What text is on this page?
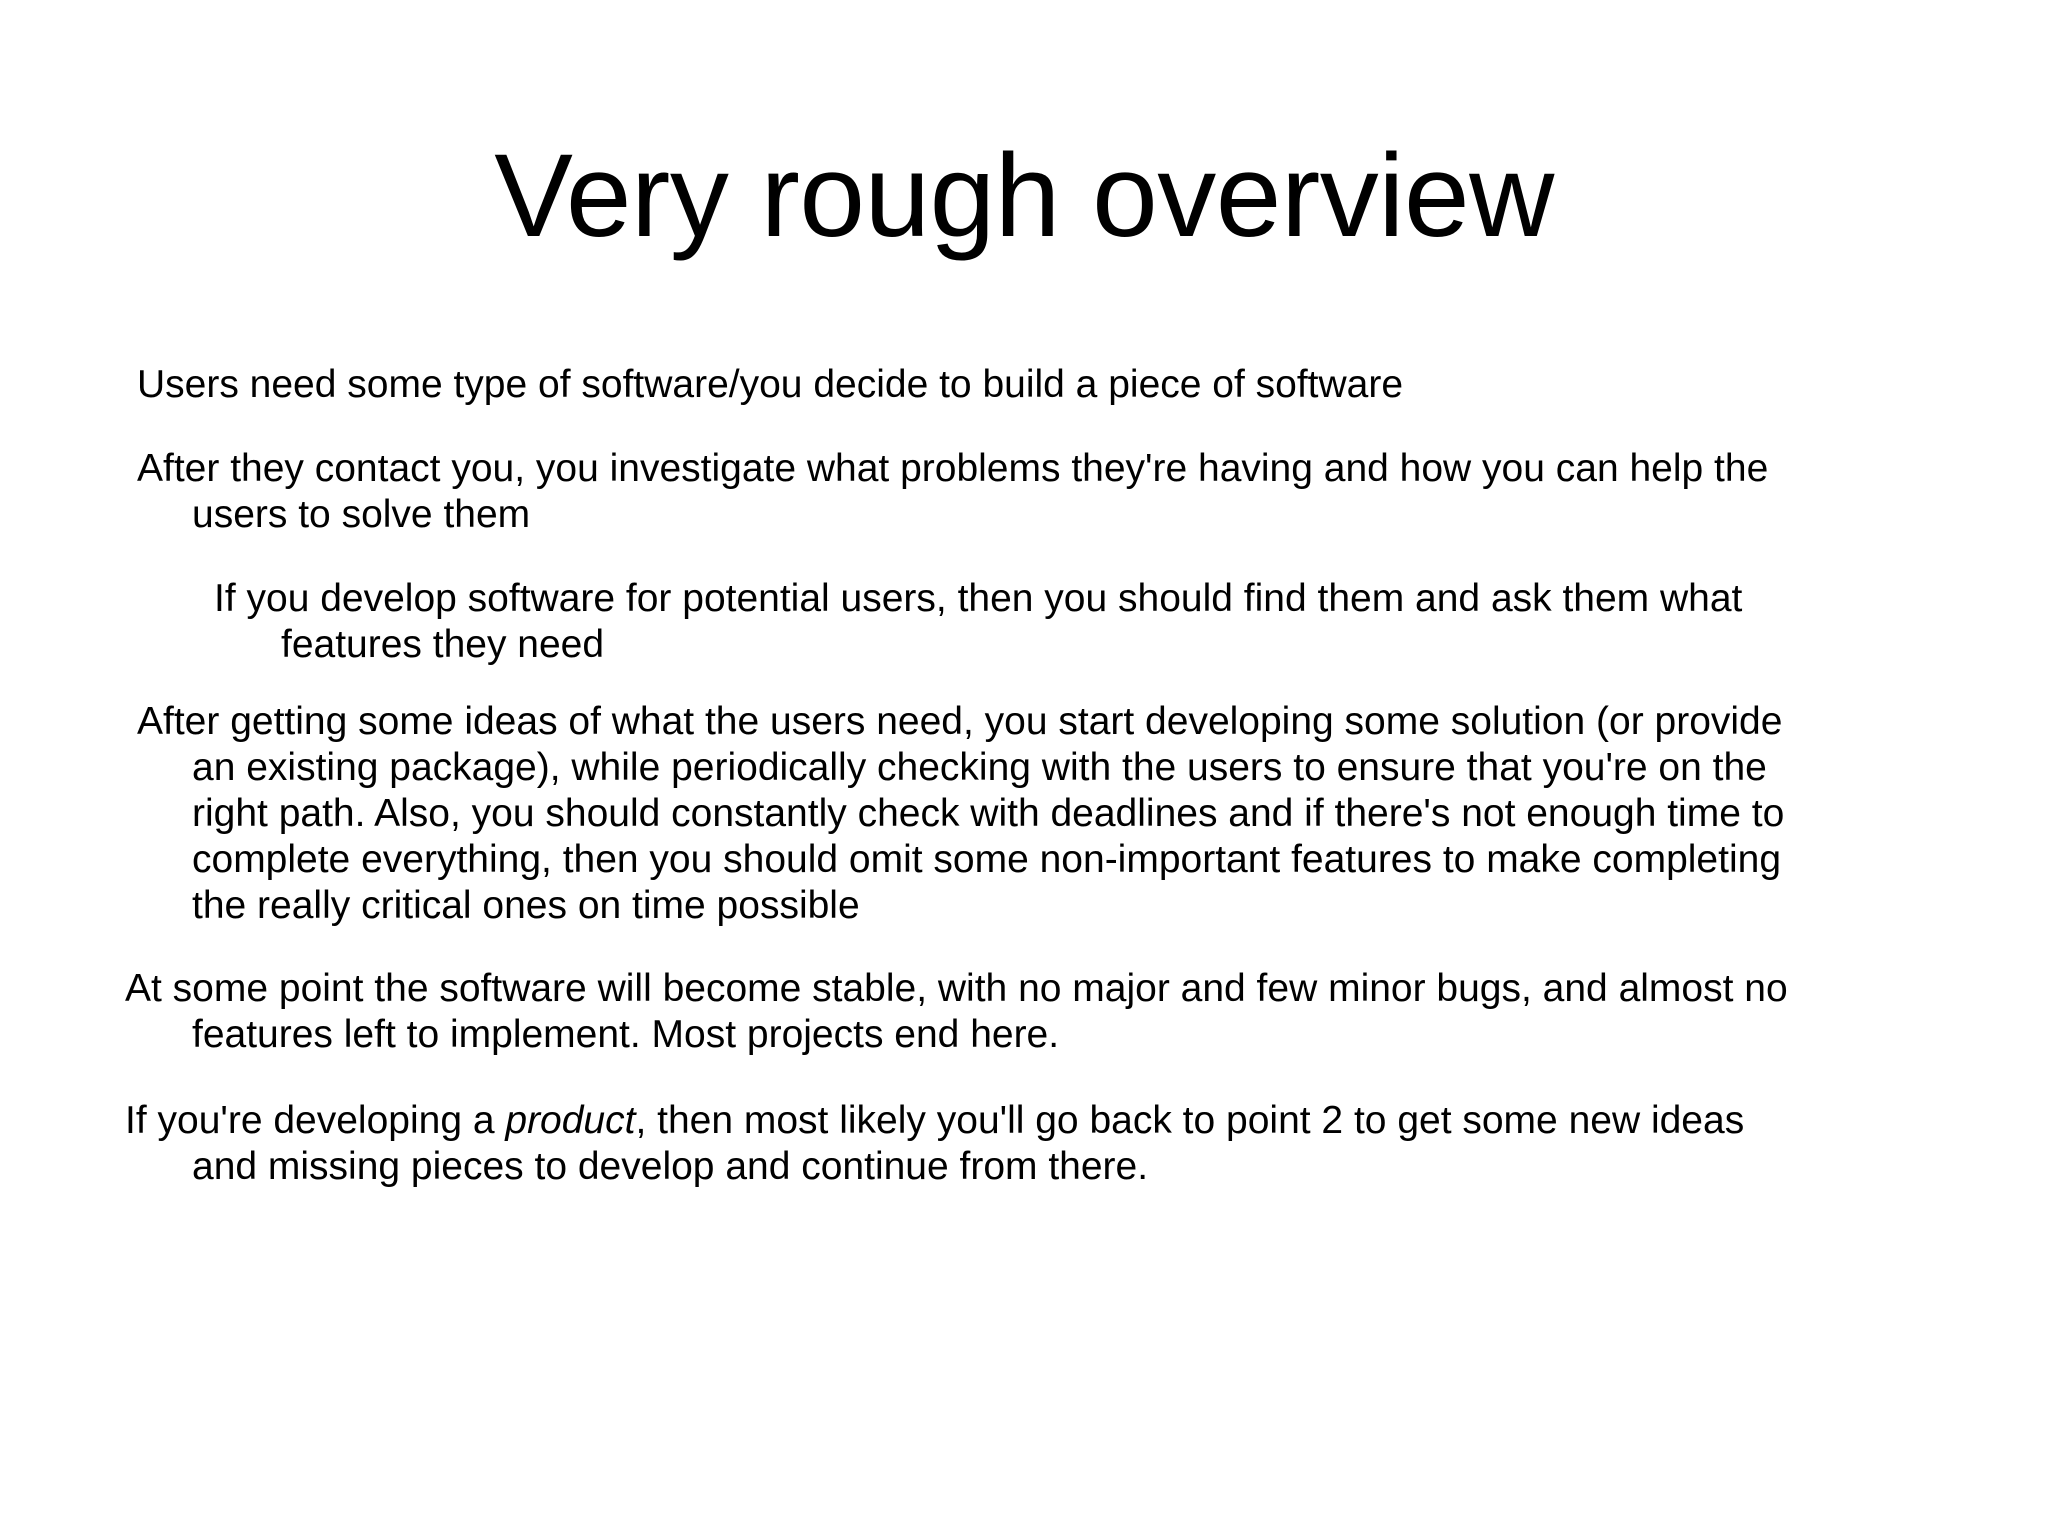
Very rough overview

Users need some type of software/you decide to build a piece of software

After they contact you, you investigate what problems they're having and how you can help the
users to solve them

If you develop software for potential users, then you should find them and ask them what
features they need

After getting some ideas of what the users need, you start developing some solution (or provide
an existing package), while periodically checking with the users to ensure that you're on the
right path. Also, you should constantly check with deadlines and if there's not enough time to
complete everything, then you should omit some non-important features to make completing
the really critical ones on time possible

At some point the software will become stable, with no major and few minor bugs, and almost no
features left to implement. Most projects end here.

If you're developing a product, then most likely you'll go back to point 2 to get some new ideas
and missing pieces to develop and continue from there.
